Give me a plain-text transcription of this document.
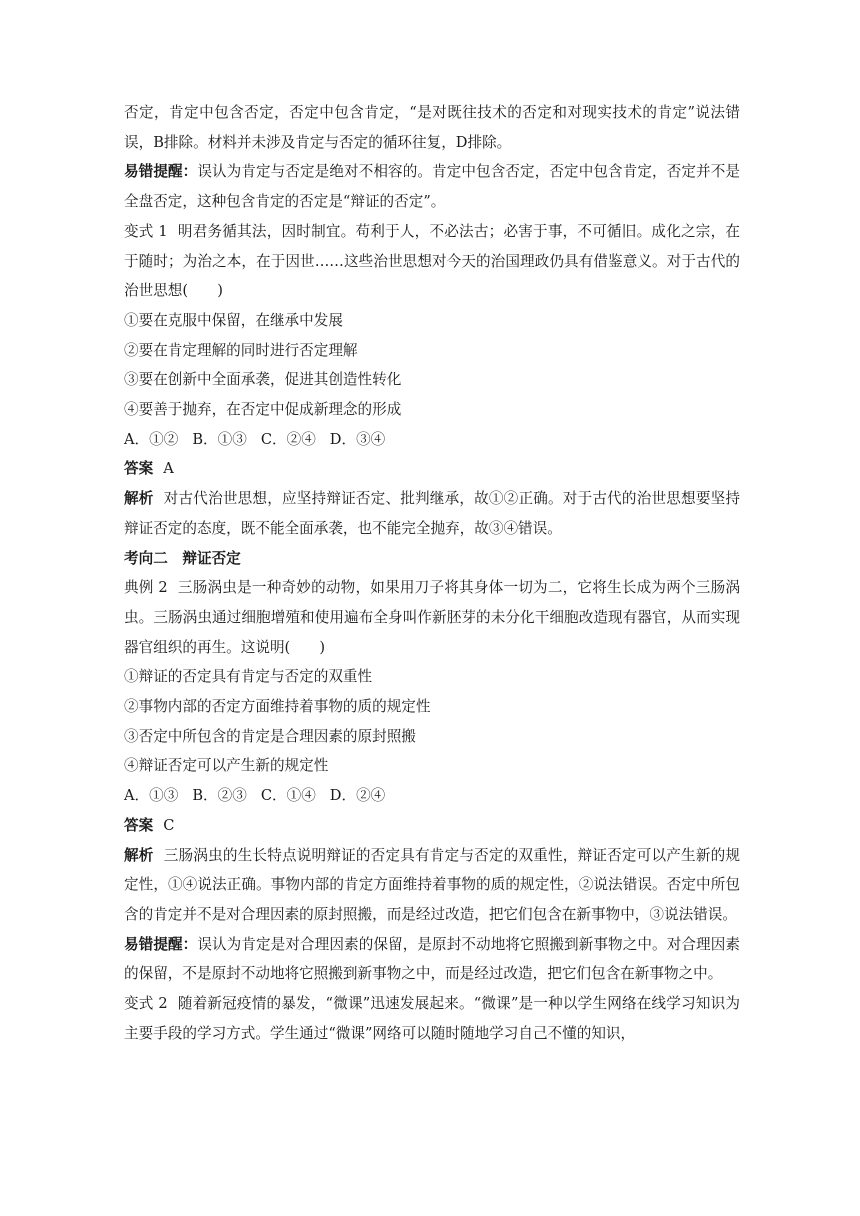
否定，肯定中包含否定，否定中包含肯定，“是对既往技术的否定和对现实技术的肯定”说法错误，B排除。材料并未涉及肯定与否定的循环往复，D排除。

易错提醒：误认为肯定与否定是绝对不相容的。肯定中包含否定，否定中包含肯定，否定并不是全盘否定，这种包含肯定的否定是“辩证的否定”。

变式 1 明君务循其法，因时制宜。苟利于人，不必法古；必害于事，不可循旧。成化之宗，在于随时；为治之本，在于因世……这些治世思想对今天的治国理政仍具有借鉴意义。对于古代的治世思想(　　)

①要在克服中保留，在继承中发展

②要在肯定理解的同时进行否定理解

③要在创新中全面承袭，促进其创造性转化

④要善于抛弃，在否定中促成新理念的形成

A．①② B．①③ C．②④ D．③④

答案 A

解析 对古代治世思想，应坚持辩证否定、批判继承，故①②正确。对于古代的治世思想要坚持辩证否定的态度，既不能全面承袭，也不能完全抛弃，故③④错误。

考向二　辩证否定

典例 2 三肠涡虫是一种奇妙的动物，如果用刀子将其身体一切为二，它将生长成为两个三肠涡虫。三肠涡虫通过细胞增殖和使用遍布全身叫作新胚芽的未分化干细胞改造现有器官，从而实现器官组织的再生。这说明(　　)

①辩证的否定具有肯定与否定的双重性

②事物内部的否定方面维持着事物的质的规定性

③否定中所包含的肯定是合理因素的原封照搬

④辩证否定可以产生新的规定性

A．①③ B．②③ C．①④ D．②④

答案 C

解析 三肠涡虫的生长特点说明辩证的否定具有肯定与否定的双重性，辩证否定可以产生新的规定性，①④说法正确。事物内部的肯定方面维持着事物的质的规定性，②说法错误。否定中所包含的肯定并不是对合理因素的原封照搬，而是经过改造，把它们包含在新事物中，③说法错误。

易错提醒：误认为肯定是对合理因素的保留，是原封不动地将它照搬到新事物之中。对合理因素的保留，不是原封不动地将它照搬到新事物之中，而是经过改造，把它们包含在新事物之中。

变式 2 随着新冠疫情的暴发，“微课”迅速发展起来。“微课”是一种以学生网络在线学习知识为主要手段的学习方式。学生通过“微课”网络可以随时随地学习自己不懂的知识，
